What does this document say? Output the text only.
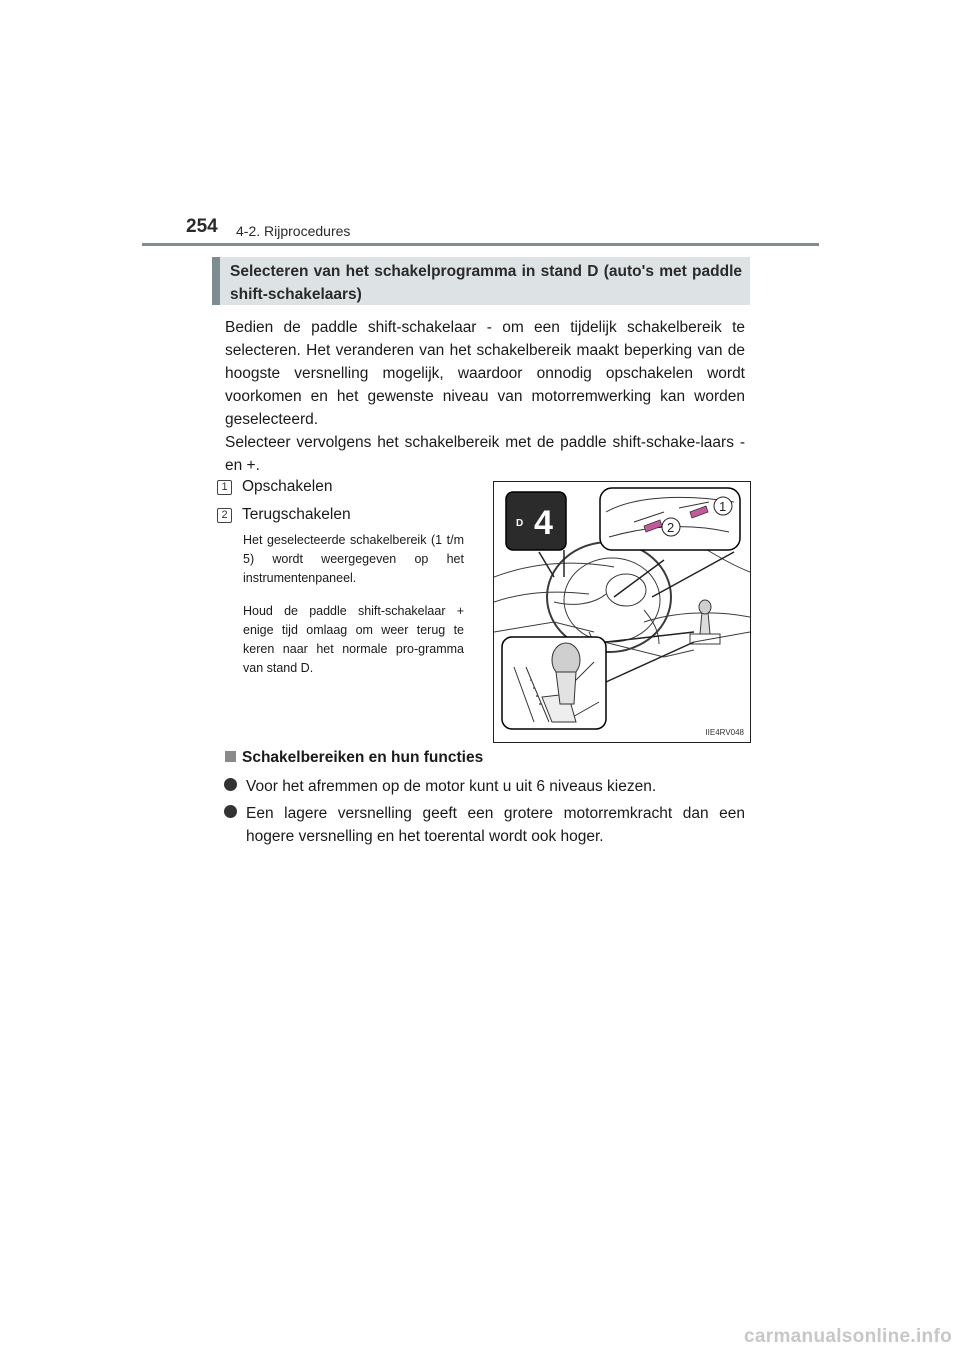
254 4-2. Rijprocedures
Selecteren van het schakelprogramma in stand D (auto's met paddle shift-schakelaars)

Bedien de paddle shift-schakelaar - om een tijdelijk schakelbereik te selecteren. Het veranderen van het schakelbereik maakt beperking van de hoogste versnelling mogelijk, waardoor onnodig opschakelen wordt voorkomen en het gewenste niveau van motorremwerking kan worden geselecteerd.

Selecteer vervolgens het schakelbereik met de paddle shift-schake-laars - en +.

1 Opschakelen
2 Terugschakelen

Het geselecteerde schakelbereik (1 t/m 5) wordt weergegeven op het instrumentenpaneel.

Houd de paddle shift-schakelaar + enige tijd omlaag om weer terug te keren naar het normale pro-gramma van stand D.

D 4	1
2
IIE4RV048
Schakelbereiken en hun functies

Voor het afremmen op de motor kunt u uit 6 niveaus kiezen.

Een lagere versnelling geeft een grotere motorremkracht dan een hogere versnelling en het toerental wordt ook hoger.

carmanualsonline.info
